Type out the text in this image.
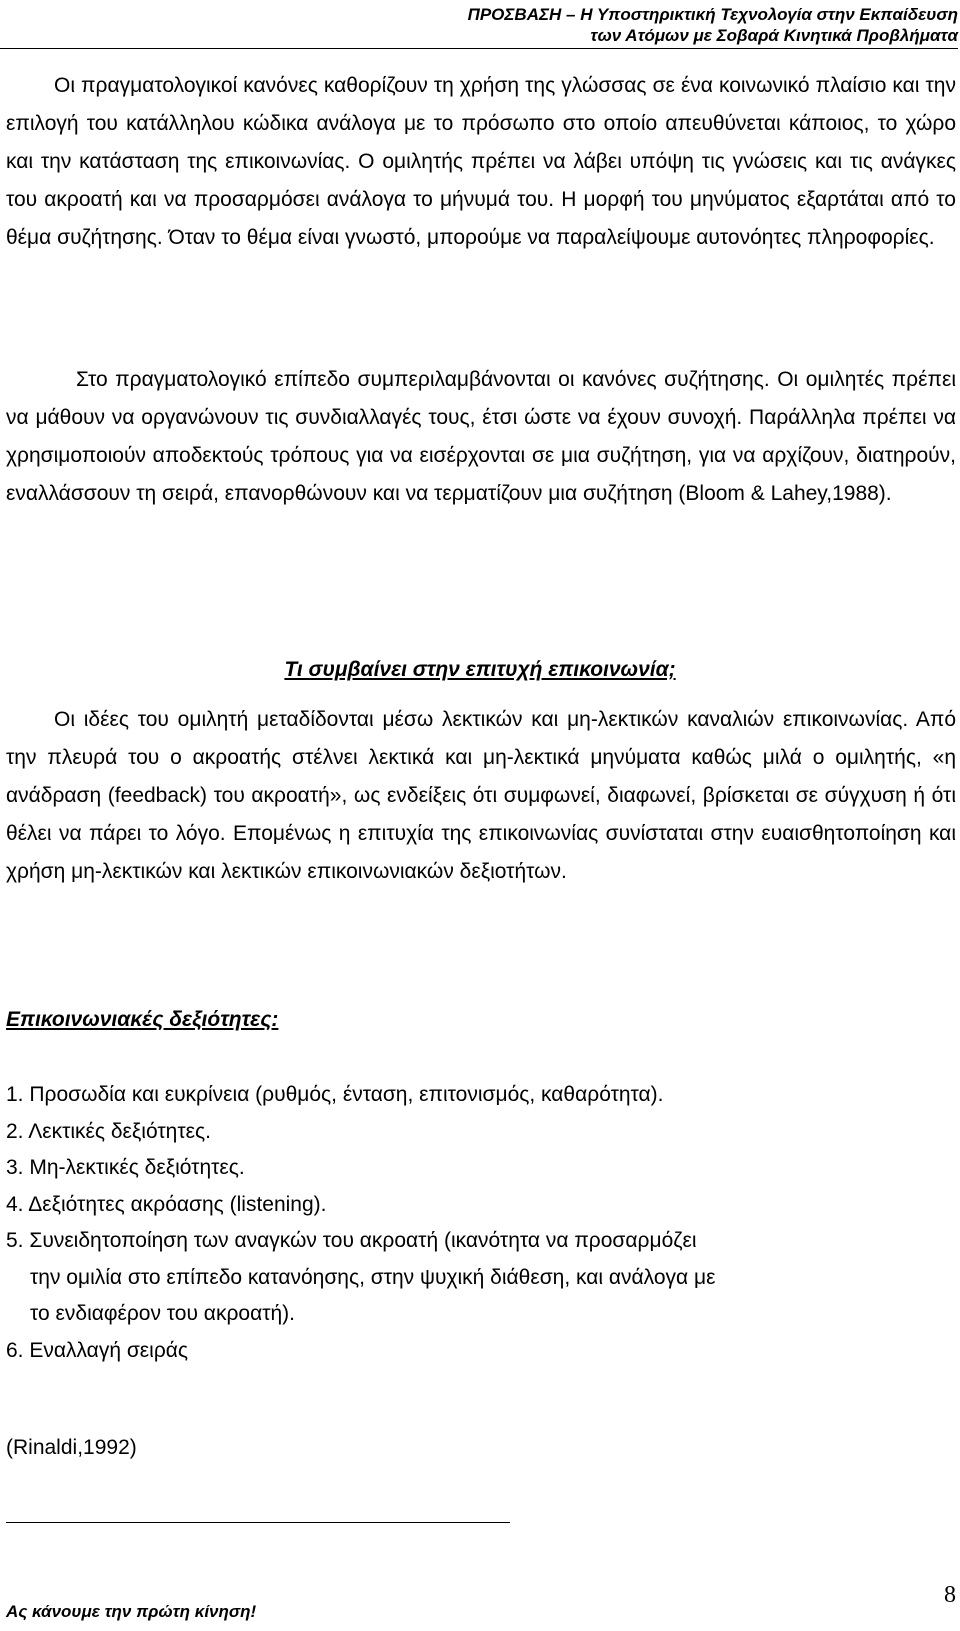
ΠΡΟΣΒΑΣΗ – Η Υποστηρικτική Τεχνολογία στην Εκπαίδευση
των Ατόμων με Σοβαρά Κινητικά Προβλήματα

Οι πραγματολογικοί κανόνες καθορίζουν τη χρήση της γλώσσας σε ένα κοινωνικό πλαίσιο και την επιλογή του κατάλληλου κώδικα ανάλογα με το πρόσωπο στο οποίο απευθύνεται κάποιος, το χώρο και την κατάσταση της επικοινωνίας. Ο ομιλητής πρέπει να λάβει υπόψη τις γνώσεις και τις ανάγκες του ακροατή και να προσαρμόσει ανάλογα το μήνυμά του. Η μορφή του μηνύματος εξαρτάται από το θέμα συζήτησης. Όταν το θέμα είναι γνωστό, μπορούμε να παραλείψουμε αυτονόητες πληροφορίες.

Στο πραγματολογικό επίπεδο συμπεριλαμβάνονται οι κανόνες συζήτησης. Οι ομιλητές πρέπει να μάθουν να οργανώνουν τις συνδιαλλαγές τους, έτσι ώστε να έχουν συνοχή. Παράλληλα πρέπει να χρησιμοποιούν αποδεκτούς τρόπους για να εισέρχονται σε μια συζήτηση, για να αρχίζουν, διατηρούν, εναλλάσσουν τη σειρά, επανορθώνουν και να τερματίζουν μια συζήτηση (Bloom & Lahey,1988).

Τι συμβαίνει στην επιτυχή επικοινωνία;

Οι ιδέες του ομιλητή μεταδίδονται μέσω λεκτικών και μη-λεκτικών καναλιών επικοινωνίας. Από την πλευρά του ο ακροατής στέλνει λεκτικά και μη-λεκτικά μηνύματα καθώς μιλά ο ομιλητής, «η ανάδραση (feedback) του ακροατή», ως ενδείξεις ότι συμφωνεί, διαφωνεί, βρίσκεται σε σύγχυση ή ότι θέλει να πάρει το λόγο. Επομένως η επιτυχία της επικοινωνίας συνίσταται στην ευαισθητοποίηση και χρήση μη-λεκτικών και λεκτικών επικοινωνιακών δεξιοτήτων.

Επικοινωνιακές δεξιότητες:
1. Προσωδία και ευκρίνεια (ρυθμός, ένταση, επιτονισμός, καθαρότητα).
2. Λεκτικές δεξιότητες.
3. Μη-λεκτικές δεξιότητες.
4. Δεξιότητες ακρόασης (listening).
5. Συνειδητοποίηση των αναγκών του ακροατή (ικανότητα να προσαρμόζει
την ομιλία στο επίπεδο κατανόησης, στην ψυχική διάθεση, και ανάλογα με
το ενδιαφέρον του ακροατή).
6. Εναλλαγή σειράς
(Rinaldi,1992)
Ας κάνουμε την πρώτη κίνηση!
8
